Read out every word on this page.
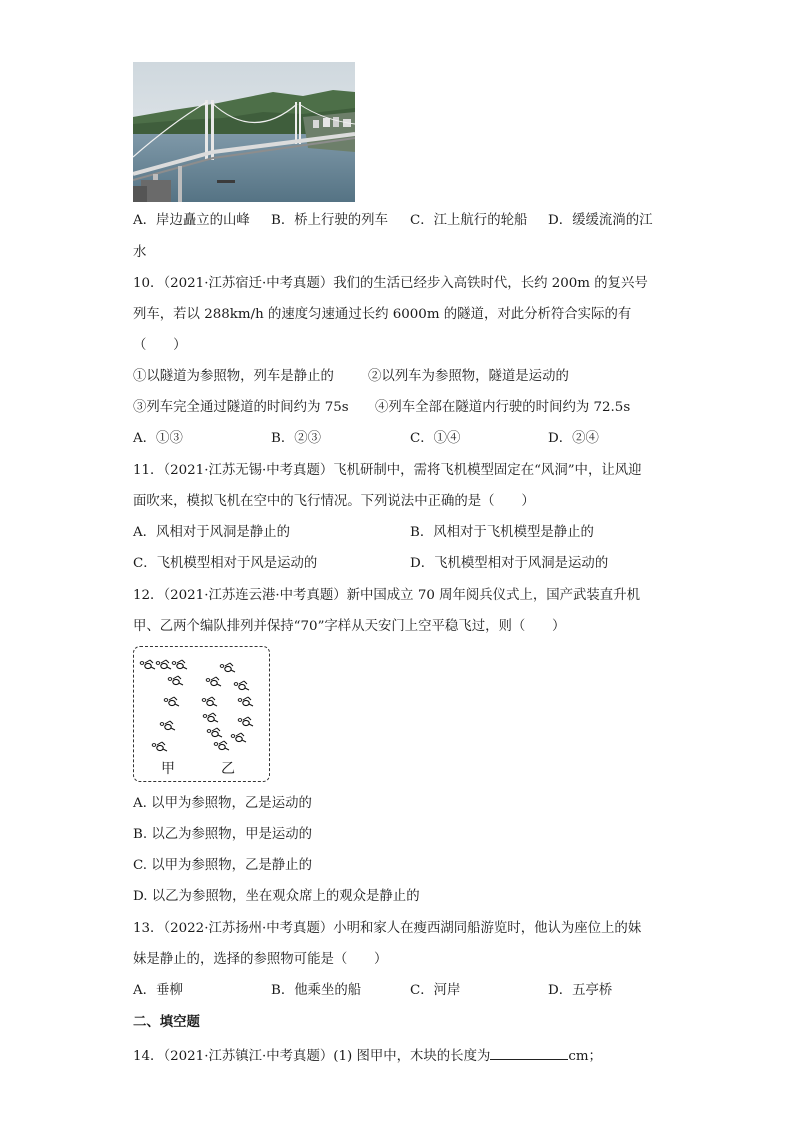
A．岸边矗立的山峰 B．桥上行驶的列车 C．江上航行的轮船 D．缓缓流淌的江
水
10．（2021·江苏宿迁·中考真题）我们的生活已经步入高铁时代，长约 200m 的复兴号
列车，若以 288km/h 的速度匀速通过长约 6000m 的隧道，对此分析符合实际的有
（　　）
①以隧道为参照物，列车是静止的	②以列车为参照物，隧道是运动的
③列车完全通过隧道的时间约为 75s ④列车全部在隧道内行驶的时间约为 72.5s
A．①③	B．②③	C．①④	D．②④
11．（2021·江苏无锡·中考真题）飞机研制中，需将飞机模型固定在“风洞”中，让风迎
面吹来，模拟飞机在空中的飞行情况。下列说法中正确的是（　　）
A．风相对于风洞是静止的	B．风相对于飞机模型是静止的
C．飞机模型相对于风是运动的	D．飞机模型相对于风洞是运动的
12．（2021·江苏连云港·中考真题）新中国成立 70 周年阅兵仪式上，国产武装直升机
甲、乙两个编队排列并保持“70”字样从天安门上空平稳飞过，则（　　）
甲	乙
A. 以甲为参照物，乙是运动的
B. 以乙为参照物，甲是运动的
C. 以甲为参照物，乙是静止的
D. 以乙为参照物，坐在观众席上的观众是静止的
13．（2022·江苏扬州·中考真题）小明和家人在瘦西湖同船游览时，他认为座位上的妹
妹是静止的，选择的参照物可能是（　　）
A．垂柳	B．他乘坐的船	C．河岸	D．五亭桥
二、填空题
14．（2021·江苏镇江·中考真题）(1) 图甲中，木块的长度为	cm；
